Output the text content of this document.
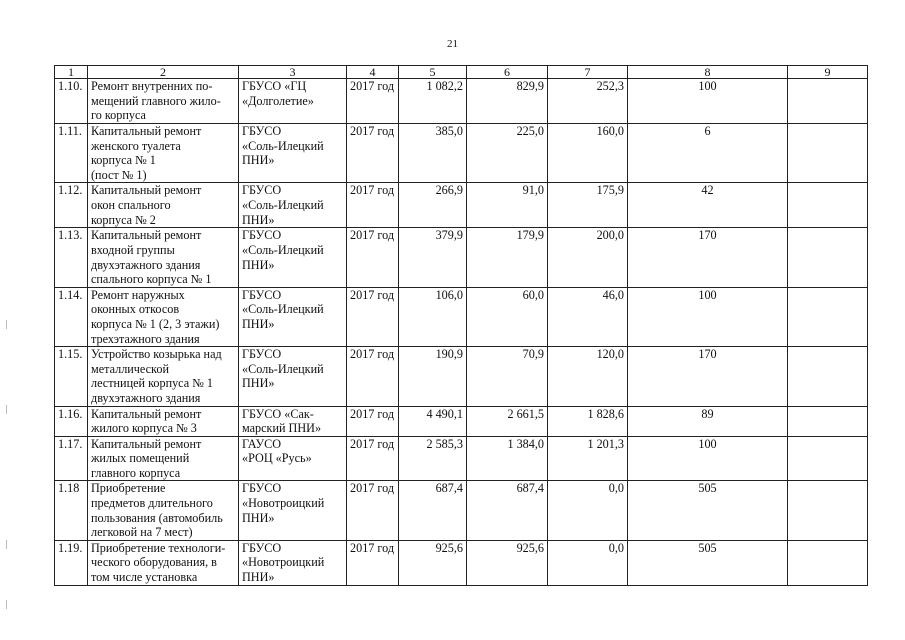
21
1	2	3	4	5	6	7	8	9
1.10.	Ремонт внутренних по-
мещений главного жило-
го корпуса	ГБУСО «ГЦ
«Долголетие»	2017 год	1 082,2	829,9	252,3	100	
1.11.	Капитальный ремонт
женского туалета
корпуса № 1
(пост № 1)	ГБУСО
«Соль-Илецкий
ПНИ»	2017 год	385,0	225,0	160,0	6	
1.12.	Капитальный ремонт
окон спального
корпуса № 2	ГБУСО
«Соль-Илецкий
ПНИ»	2017 год	266,9	91,0	175,9	42	
1.13.	Капитальный ремонт
входной группы
двухэтажного здания
спального корпуса № 1	ГБУСО
«Соль-Илецкий
ПНИ»	2017 год	379,9	179,9	200,0	170	
1.14.	Ремонт наружных
оконных откосов
корпуса № 1 (2, 3 этажи)
трехэтажного здания	ГБУСО
«Соль-Илецкий
ПНИ»	2017 год	106,0	60,0	46,0	100	
1.15.	Устройство козырька над
металлической
лестницей корпуса № 1
двухэтажного здания	ГБУСО
«Соль-Илецкий
ПНИ»	2017 год	190,9	70,9	120,0	170	
1.16.	Капитальный ремонт
жилого корпуса № 3	ГБУСО «Сак-
марский ПНИ»	2017 год	4 490,1	2 661,5	1 828,6	89	
1.17.	Капитальный ремонт
жилых помещений
главного корпуса	ГАУСО
«РОЦ «Русь»	2017 год	2 585,3	1 384,0	1 201,3	100	
1.18	Приобретение
предметов длительного
пользования (автомобиль
легковой на 7 мест)	ГБУСО
«Новотроицкий
ПНИ»	2017 год	687,4	687,4	0,0	505	
1.19.	Приобретение технологи-
ческого оборудования, в
том числе установка	ГБУСО
«Новотроицкий
ПНИ»	2017 год	925,6	925,6	0,0	505	
